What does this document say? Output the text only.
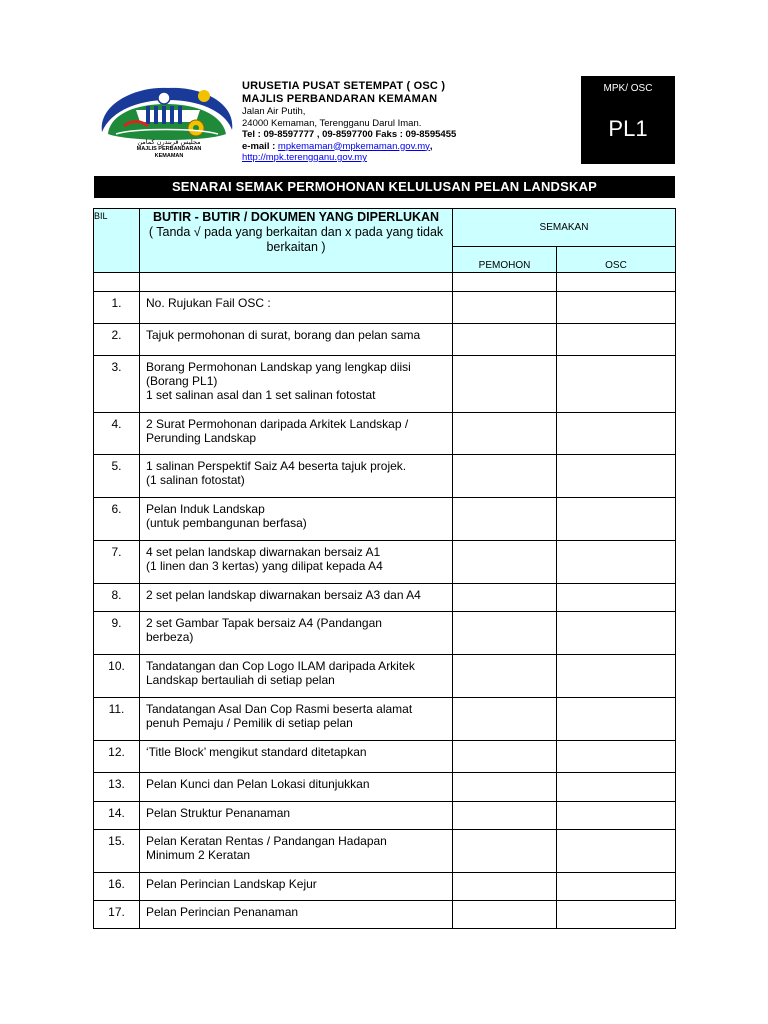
مجليس ڤربندرن كمامن
MAJLIS PERBANDARAN KEMAMAN
URUSETIA PUSAT SETEMPAT ( OSC )
MAJLIS PERBANDARAN KEMAMAN
Jalan Air Putih,
24000 Kemaman, Terengganu Darul Iman.
Tel : 09-8597777 , 09-8597700 Faks : 09-8595455
e-mail : mpkemaman@mpkemaman.gov.my,
http://mpk.terengganu.gov.my
MPK/ OSC
PL1
SENARAI SEMAK PERMOHONAN KELULUSAN PELAN LANDSKAP
BIL	BUTIR - BUTIR / DOKUMEN YANG DIPERLUKAN
( Tanda √ pada yang berkaitan dan x pada yang tidak berkaitan )	SEMAKAN	
		PEMOHON	OSC

1.	No. Rujukan Fail OSC :		

2.	Tajuk permohonan di surat, borang dan pelan sama		

3.	Borang Permohonan Landskap yang lengkap diisi
(Borang PL1)
1 set salinan asal dan 1 set salinan fotostat		

4.	2 Surat Permohonan daripada Arkitek Landskap /
Perunding Landskap		

5.	1 salinan Perspektif Saiz A4 beserta tajuk projek.
(1 salinan fotostat)		

6.	Pelan Induk Landskap
(untuk pembangunan berfasa)		

7.	4 set pelan landskap diwarnakan bersaiz A1
(1 linen dan 3 kertas) yang dilipat kepada A4		

8.	2 set pelan landskap diwarnakan bersaiz A3 dan A4		

9.	2 set Gambar Tapak bersaiz A4 (Pandangan
berbeza)		

10.	Tandatangan dan Cop Logo ILAM daripada Arkitek
Landskap bertauliah di setiap pelan		

11.	Tandatangan Asal Dan Cop Rasmi beserta alamat
penuh Pemaju / Pemilik di setiap pelan		

12.	‘Title Block’ mengikut standard ditetapkan		

13.	Pelan Kunci dan Pelan Lokasi ditunjukkan		

14.	Pelan Struktur Penanaman		

15.	Pelan Keratan Rentas / Pandangan Hadapan
Minimum 2 Keratan		

16.	Pelan Perincian Landskap Kejur		

17.	Pelan Perincian Penanaman		
